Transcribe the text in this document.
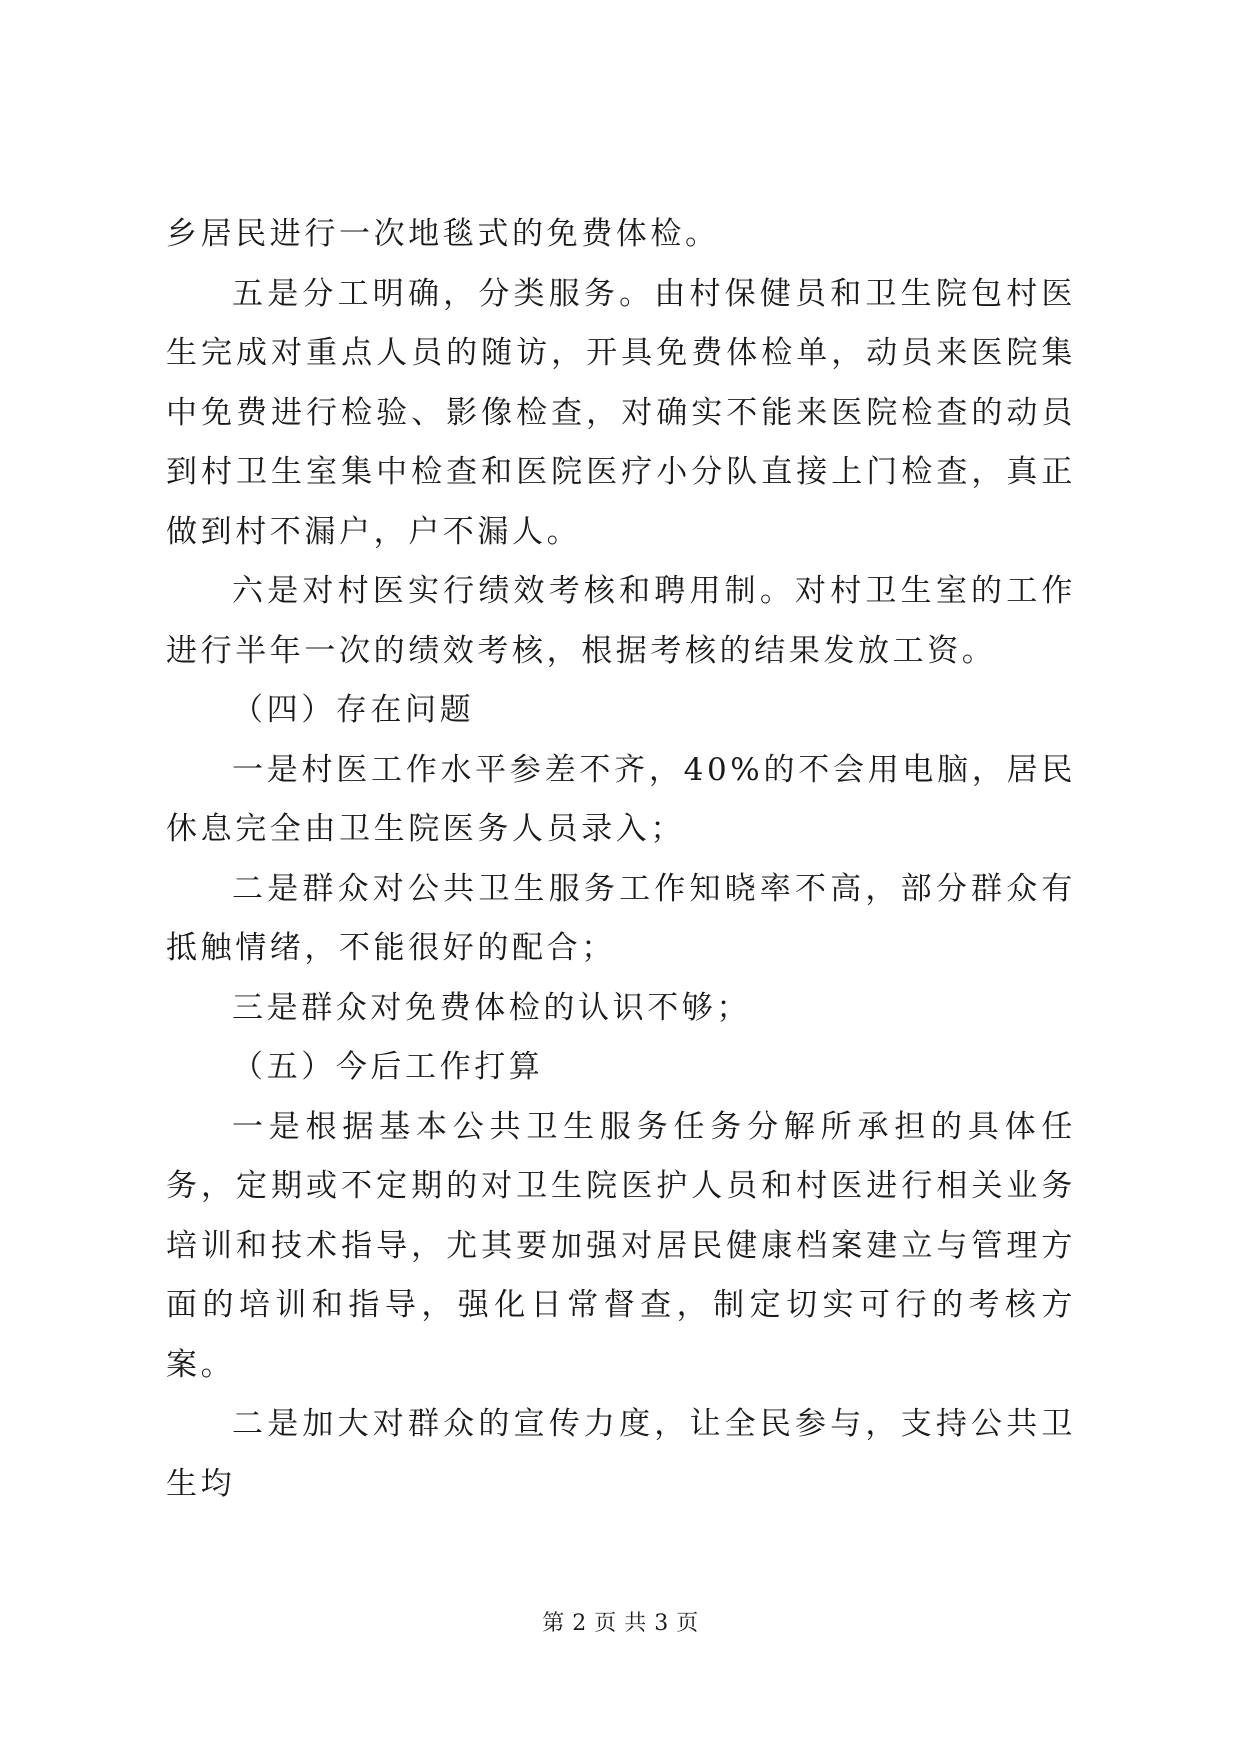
乡居民进行一次地毯式的免费体检。

五是分工明确，分类服务。由村保健员和卫生院包村医生完成对重点人员的随访，开具免费体检单，动员来医院集中免费进行检验、影像检查，对确实不能来医院检查的动员到村卫生室集中检查和医院医疗小分队直接上门检查，真正做到村不漏户，户不漏人。

六是对村医实行绩效考核和聘用制。对村卫生室的工作进行半年一次的绩效考核，根据考核的结果发放工资。

（四）存在问题

一是村医工作水平参差不齐，40%的不会用电脑，居民休息完全由卫生院医务人员录入；

二是群众对公共卫生服务工作知晓率不高，部分群众有抵触情绪，不能很好的配合；

三是群众对免费体检的认识不够；

（五）今后工作打算

一是根据基本公共卫生服务任务分解所承担的具体任务，定期或不定期的对卫生院医护人员和村医进行相关业务培训和技术指导，尤其要加强对居民健康档案建立与管理方面的培训和指导，强化日常督查，制定切实可行的考核方案。

二是加大对群众的宣传力度，让全民参与，支持公共卫生均

第 2 页 共 3 页
